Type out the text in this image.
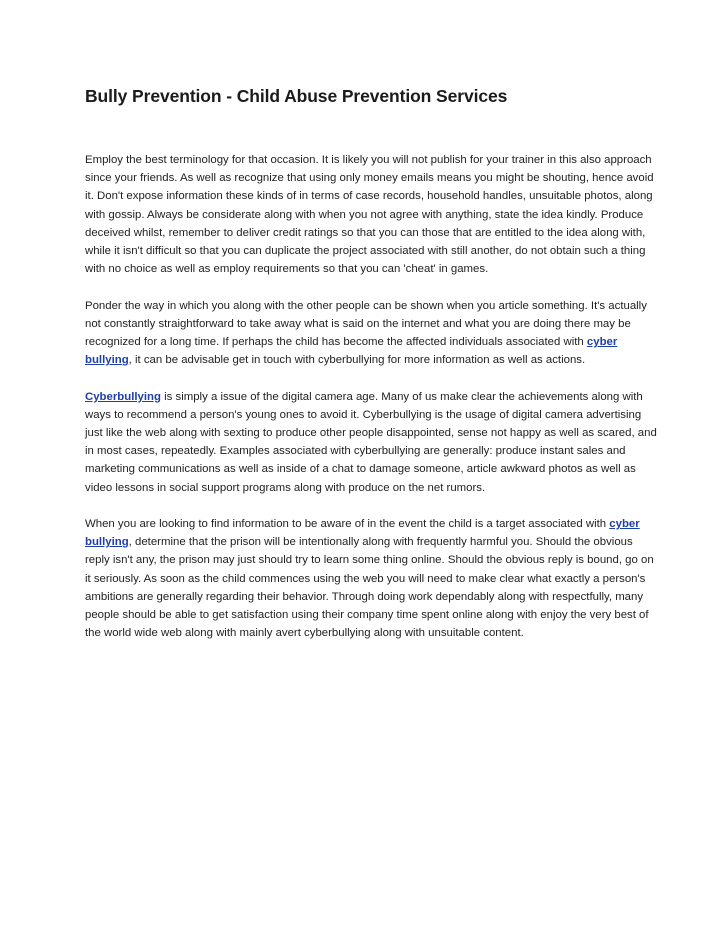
Bully Prevention - Child Abuse Prevention Services

Employ the best terminology for that occasion. It is likely you will not publish for your trainer in this also approach since your friends. As well as recognize that using only money emails means you might be shouting, hence avoid it. Don't expose information these kinds of in terms of case records, household handles, unsuitable photos, along with gossip. Always be considerate along with when you not agree with anything, state the idea kindly. Produce deceived whilst, remember to deliver credit ratings so that you can those that are entitled to the idea along with, while it isn't difficult so that you can duplicate the project associated with still another, do not obtain such a thing with no choice as well as employ requirements so that you can 'cheat' in games.

Ponder the way in which you along with the other people can be shown when you article something. It's actually not constantly straightforward to take away what is said on the internet and what you are doing there may be recognized for a long time. If perhaps the child has become the affected individuals associated with cyber bullying, it can be advisable get in touch with cyberbullying for more information as well as actions.

Cyberbullying is simply a issue of the digital camera age. Many of us make clear the achievements along with ways to recommend a person's young ones to avoid it. Cyberbullying is the usage of digital camera advertising just like the web along with sexting to produce other people disappointed, sense not happy as well as scared, and in most cases, repeatedly. Examples associated with cyberbullying are generally: produce instant sales and marketing communications as well as inside of a chat to damage someone, article awkward photos as well as video lessons in social support programs along with produce on the net rumors.

When you are looking to find information to be aware of in the event the child is a target associated with cyber bullying, determine that the prison will be intentionally along with frequently harmful you. Should the obvious reply isn't any, the prison may just should try to learn some thing online. Should the obvious reply is bound, go on it seriously. As soon as the child commences using the web you will need to make clear what exactly a person's ambitions are generally regarding their behavior. Through doing work dependably along with respectfully, many people should be able to get satisfaction using their company time spent online along with enjoy the very best of the world wide web along with mainly avert cyberbullying along with unsuitable content.
